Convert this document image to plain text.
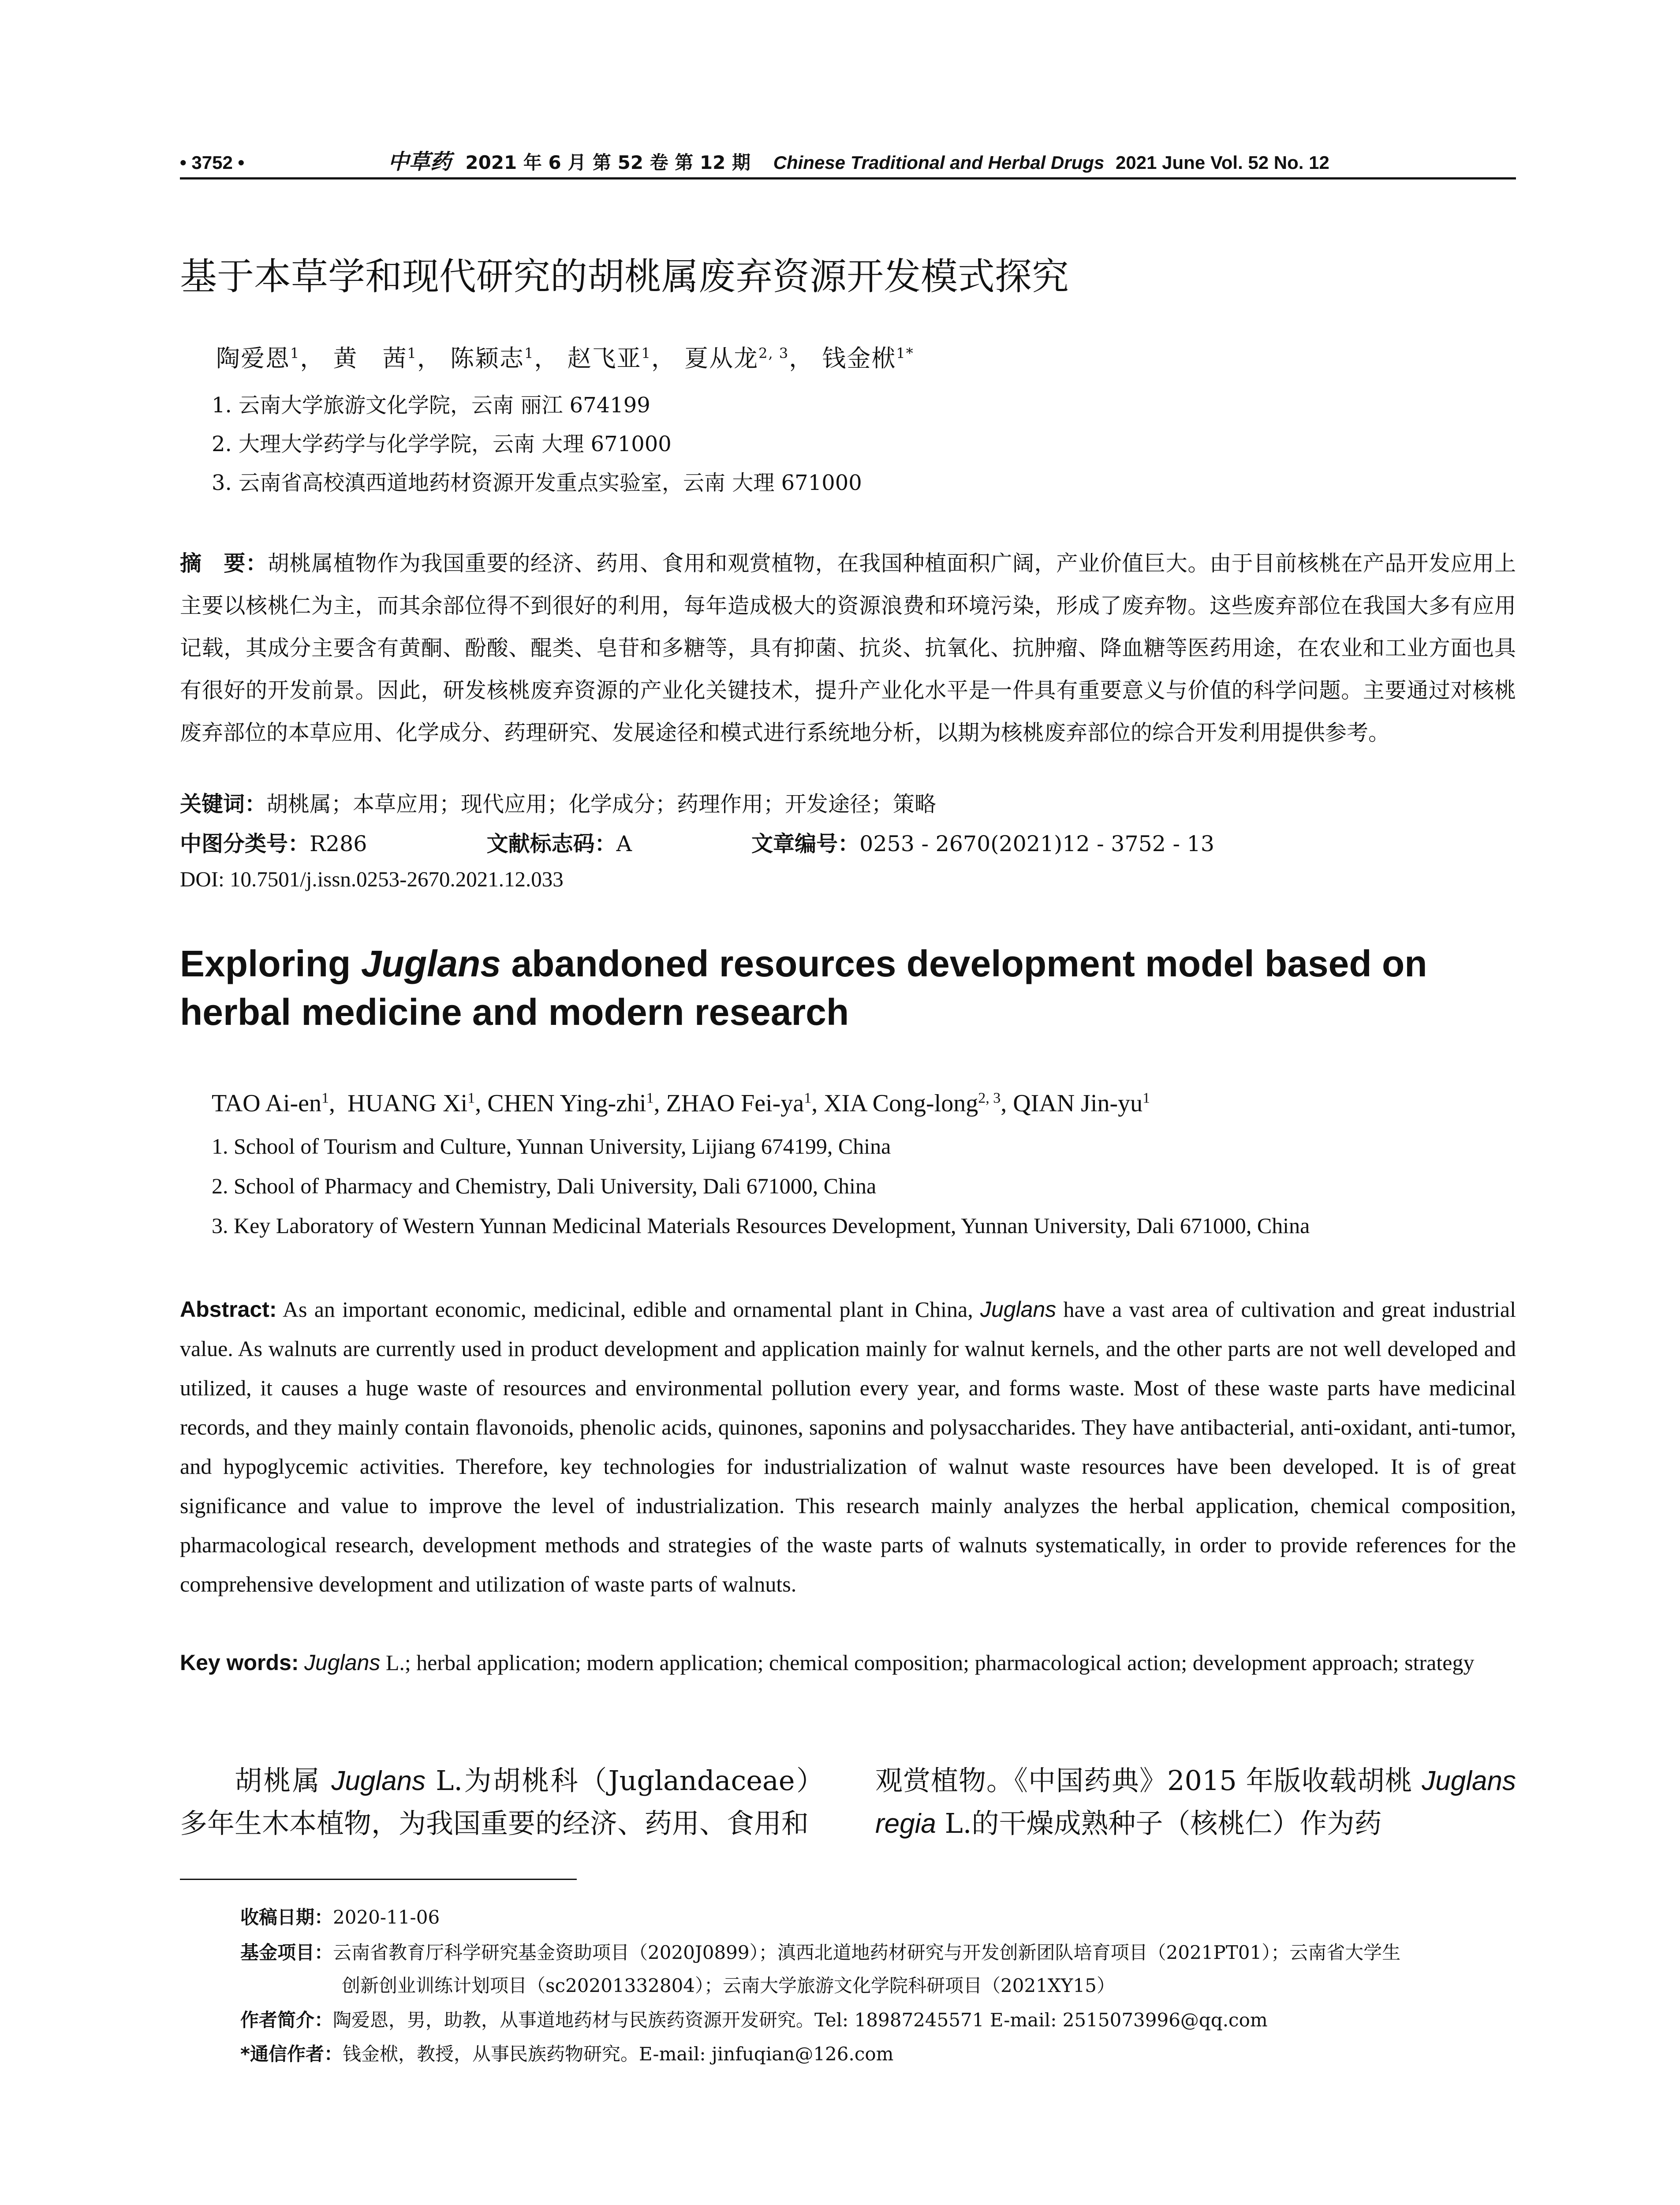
• 3752 •	中草药 2021 年 6 月 第 52 卷 第 12 期 Chinese Traditional and Herbal Drugs 2021 June Vol. 52 No. 12
基于本草学和现代研究的胡桃属废弃资源开发模式探究
陶爱恩$^1$， 黄　茜$^1$， 陈颖志$^1$， 赵飞亚$^1$， 夏从龙$^{2, 3}$， 钱金栿$^{1*}$
1. 云南大学旅游文化学院，云南 丽江 674199
2. 大理大学药学与化学学院，云南 大理 671000
3. 云南省高校滇西道地药材资源开发重点实验室，云南 大理 671000
摘　要：胡桃属植物作为我国重要的经济、药用、食用和观赏植物，在我国种植面积广阔，产业价值巨大。由于目前核桃在产品开发应用上主要以核桃仁为主，而其余部位得不到很好的利用，每年造成极大的资源浪费和环境污染，形成了废弃物。这些废弃部位在我国大多有应用记载，其成分主要含有黄酮、酚酸、醌类、皂苷和多糖等，具有抑菌、抗炎、抗氧化、抗肿瘤、降血糖等医药用途，在农业和工业方面也具有很好的开发前景。因此，研发核桃废弃资源的产业化关键技术，提升产业化水平是一件具有重要意义与价值的科学问题。主要通过对核桃废弃部位的本草应用、化学成分、药理研究、发展途径和模式进行系统地分析，以期为核桃废弃部位的综合开发利用提供参考。
关键词：胡桃属；本草应用；现代应用；化学成分；药理作用；开发途径；策略
中图分类号：R286	文献标志码：A	文章编号：0253 - 2670(2021)12 - 3752 - 13
DOI: 10.7501/j.issn.0253-2670.2021.12.033
Exploring Juglans abandoned resources development model based on herbal medicine and modern research
TAO $Ai-en^1$,  HUANG Xi$^1$, CHEN Ying-zhi$^1$, ZHAO Fei-$ya^1$, XIA Cong-long$^{2, 3}$, QIAN Jin-$yu^1$
1. School of Tourism and Culture, Yunnan University, Lijiang 674199, China
2. School of Pharmacy and Chemistry, Dali University, Dali 671000, China
3. Key Laboratory of Western Yunnan Medicinal Materials Resources Development, Yunnan University, Dali 671000, China
Abstract: As an important economic, medicinal, edible and ornamental plant in China, Juglans have a vast area of cultivation and great industrial value. As walnuts are currently used in product development and application mainly for walnut kernels, and the other parts are not well developed and utilized, it causes a huge waste of resources and environmental pollution every year, and forms waste. Most of these waste parts have medicinal records, and they mainly contain flavonoids, phenolic acids, quinones, saponins and polysaccharides. They have antibacterial, anti-oxidant, anti-tumor, and hypoglycemic activities. Therefore, key technologies for industrialization of walnut waste resources have been developed. It is of great significance and value to improve the level of industrialization. This research mainly analyzes the herbal application, chemical composition, pharmacological research, development methods and strategies of the waste parts of walnuts systematically, in order to provide references for the comprehensive development and utilization of waste parts of walnuts.
Key words: Juglans L.; herbal application; modern application; chemical composition; pharmacological action; development approach; strategy
胡桃属 Juglans L.为胡桃科（Juglandaceae）多年生木本植物，为我国重要的经济、药用、食用和
观赏植物。《中国药典》2015 年版收载胡桃 Juglans regia L.的干燥成熟种子（核桃仁）作为药
收稿日期：2020-11-06
基金项目：云南省教育厅科学研究基金资助项目（2020J0899）；滇西北道地药材研究与开发创新团队培育项目（2021PT01）；云南省大学生
创新创业训练计划项目（sc20201332804）；云南大学旅游文化学院科研项目（2021XY15）
作者简介：陶爱恩，男，助教，从事道地药材与民族药资源开发研究。Tel: 18987245571 E-mail: 2515073996@qq.com
*通信作者：钱金栿，教授，从事民族药物研究。E-mail: jinfuqian@126.com
